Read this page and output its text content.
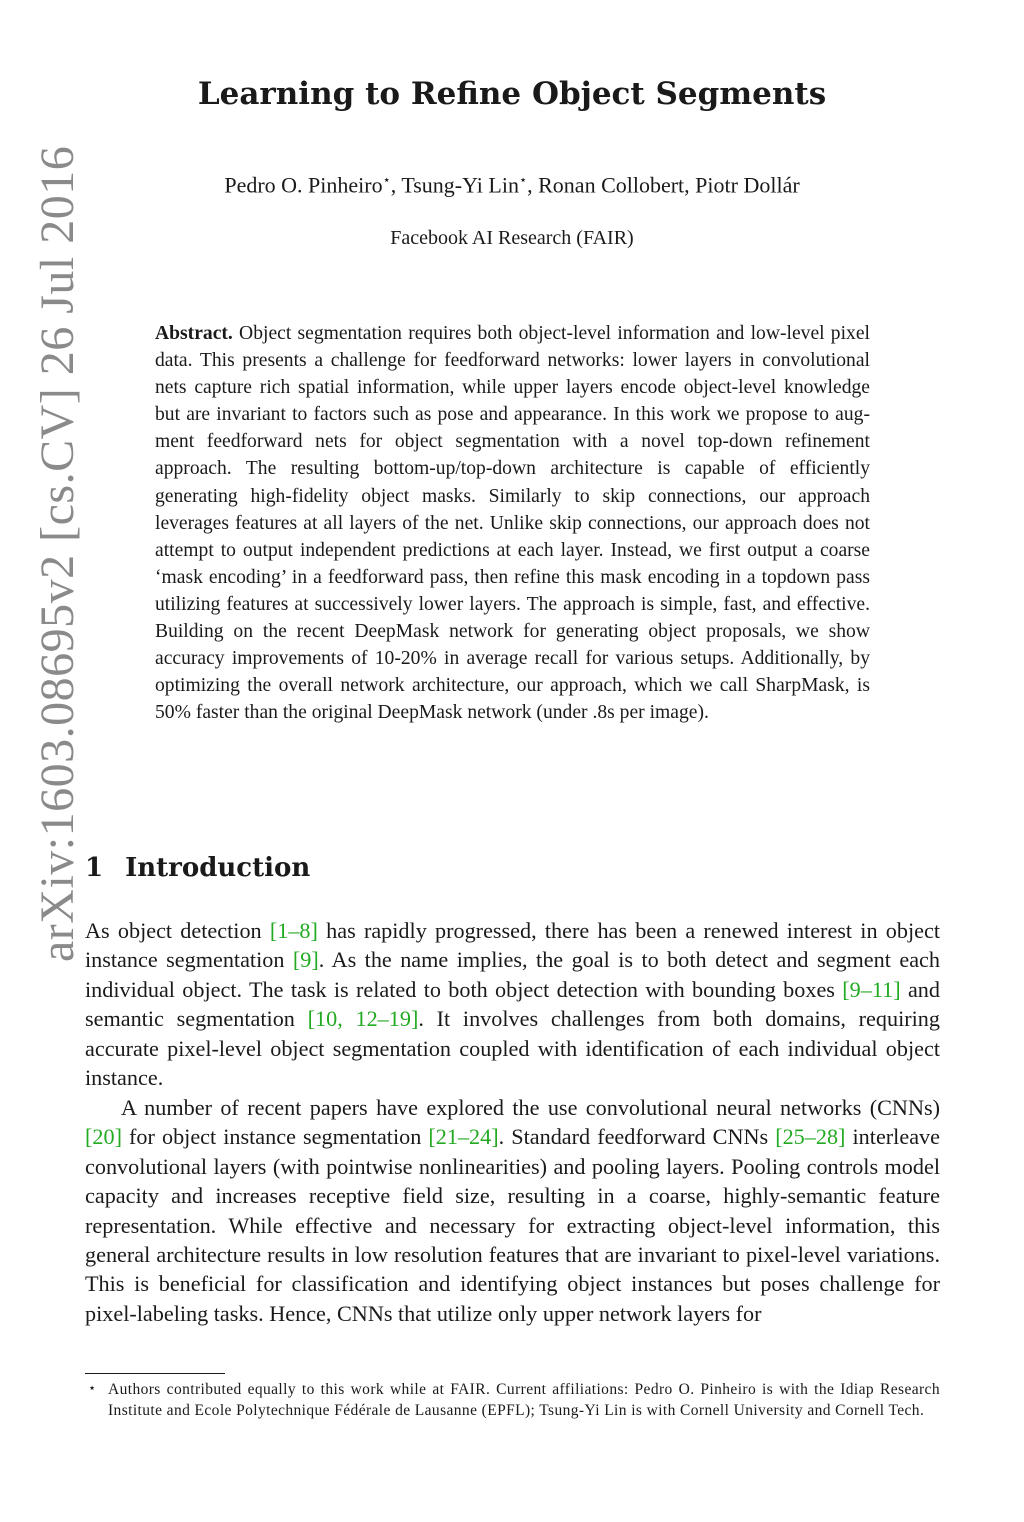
arXiv:1603.08695v2 [cs.CV] 26 Jul 2016
Learning to Refine Object Segments
Pedro O. Pinheiro⋆, Tsung-Yi Lin⋆, Ronan Collobert, Piotr Dollár
Facebook AI Research (FAIR)
Abstract. Object segmentation requires both object-level information and low-level pixel data. This presents a challenge for feedforward networks: lower layers in convolutional nets capture rich spatial information, while upper layers encode object-level knowledge but are invariant to factors such as pose and appearance. In this work we propose to augment feedforward nets for object segmentation with a novel top-down refinement approach. The resulting bottom-up/top-down architecture is capable of efficiently generating high-fidelity object masks. Similarly to skip connections, our approach leverages features at all layers of the net. Unlike skip connections, our approach does not attempt to output independent predictions at each layer. Instead, we first output a coarse ‘mask encoding’ in a feedforward pass, then refine this mask encoding in a topdown pass utilizing features at successively lower layers. The approach is simple, fast, and effective. Building on the recent DeepMask network for generating object proposals, we show accuracy improvements of 10-20% in average recall for various setups. Additionally, by optimizing the overall network architecture, our approach, which we call SharpMask, is 50% faster than the original DeepMask network (under .8s per image).
1 Introduction

As object detection [1–8] has rapidly progressed, there has been a renewed interest in object instance segmentation [9]. As the name implies, the goal is to both detect and segment each individual object. The task is related to both object detection with bounding boxes [9–11] and semantic segmentation [10, 12–19]. It involves challenges from both domains, requiring accurate pixel-level object segmentation coupled with identification of each individual object instance.

A number of recent papers have explored the use convolutional neural networks (CNNs) [20] for object instance segmentation [21–24]. Standard feedforward CNNs [25–28] interleave convolutional layers (with pointwise nonlinearities) and pooling layers. Pooling controls model capacity and increases receptive field size, resulting in a coarse, highly-semantic feature representation. While effective and necessary for extracting object-level information, this general architecture results in low resolution features that are invariant to pixel-level variations. This is beneficial for classification and identifying object instances but poses challenge for pixel-labeling tasks. Hence, CNNs that utilize only upper network layers for

⋆ Authors contributed equally to this work while at FAIR. Current affiliations: Pedro O. Pinheiro is with the Idiap Research Institute and Ecole Polytechnique Fédérale de Lausanne (EPFL); Tsung-Yi Lin is with Cornell University and Cornell Tech.
